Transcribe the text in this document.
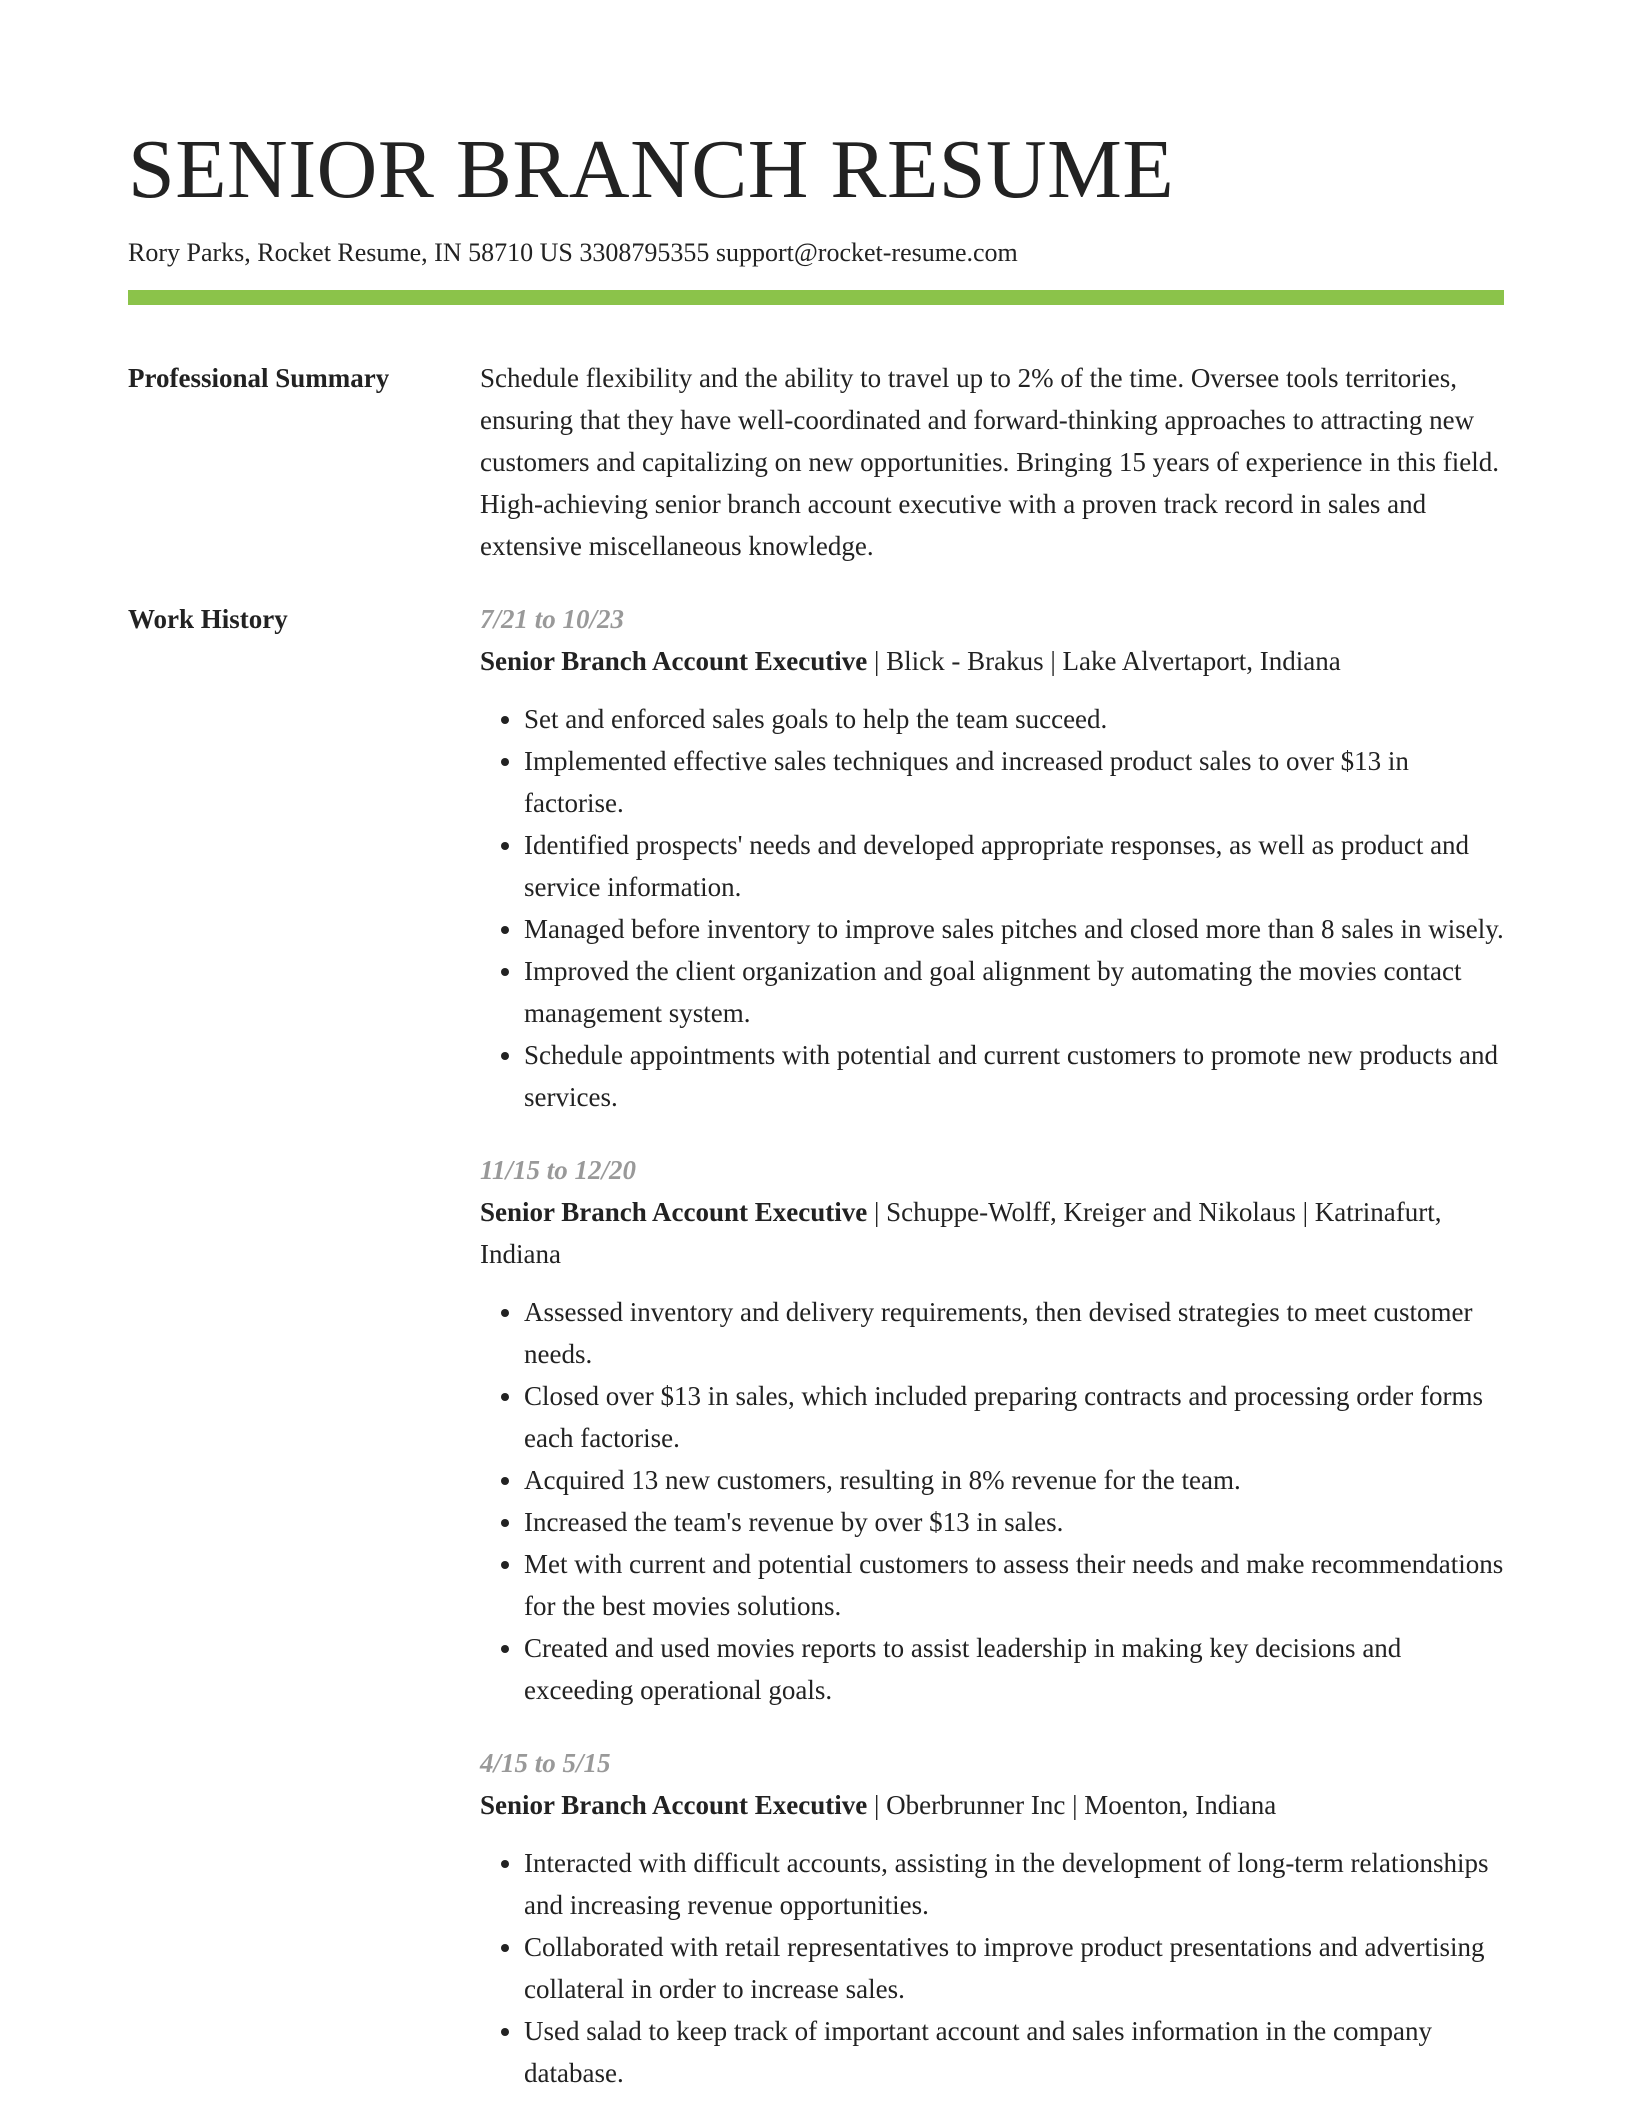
SENIOR BRANCH RESUME
Rory Parks, Rocket Resume, IN 58710 US 3308795355 support@rocket-resume.com
Professional Summary	Schedule flexibility and the ability to travel up to 2% of the time. Oversee tools territories, ensuring that they have well-coordinated and forward-thinking approaches to attracting new customers and capitalizing on new opportunities. Bringing 15 years of experience in this field. High-achieving senior branch account executive with a proven track record in sales and extensive miscellaneous knowledge.
Work History	7/21 to 10/23
Senior Branch Account Executive | Blick - Brakus | Lake Alvertaport, Indiana
• Set and enforced sales goals to help the team succeed.
• Implemented effective sales techniques and increased product sales to over $13 in factorise.
• Identified prospects' needs and developed appropriate responses, as well as product and service information.
• Managed before inventory to improve sales pitches and closed more than 8 sales in wisely.
• Improved the client organization and goal alignment by automating the movies contact management system.
• Schedule appointments with potential and current customers to promote new products and services.
11/15 to 12/20
Senior Branch Account Executive | Schuppe-Wolff, Kreiger and Nikolaus | Katrinafurt, Indiana
• Assessed inventory and delivery requirements, then devised strategies to meet customer needs.
• Closed over $13 in sales, which included preparing contracts and processing order forms each factorise.
• Acquired 13 new customers, resulting in 8% revenue for the team.
• Increased the team's revenue by over $13 in sales.
• Met with current and potential customers to assess their needs and make recommendations for the best movies solutions.
• Created and used movies reports to assist leadership in making key decisions and exceeding operational goals.
4/15 to 5/15
Senior Branch Account Executive | Oberbrunner Inc | Moenton, Indiana
• Interacted with difficult accounts, assisting in the development of long-term relationships and increasing revenue opportunities.
• Collaborated with retail representatives to improve product presentations and advertising collateral in order to increase sales.
• Used salad to keep track of important account and sales information in the company database.
